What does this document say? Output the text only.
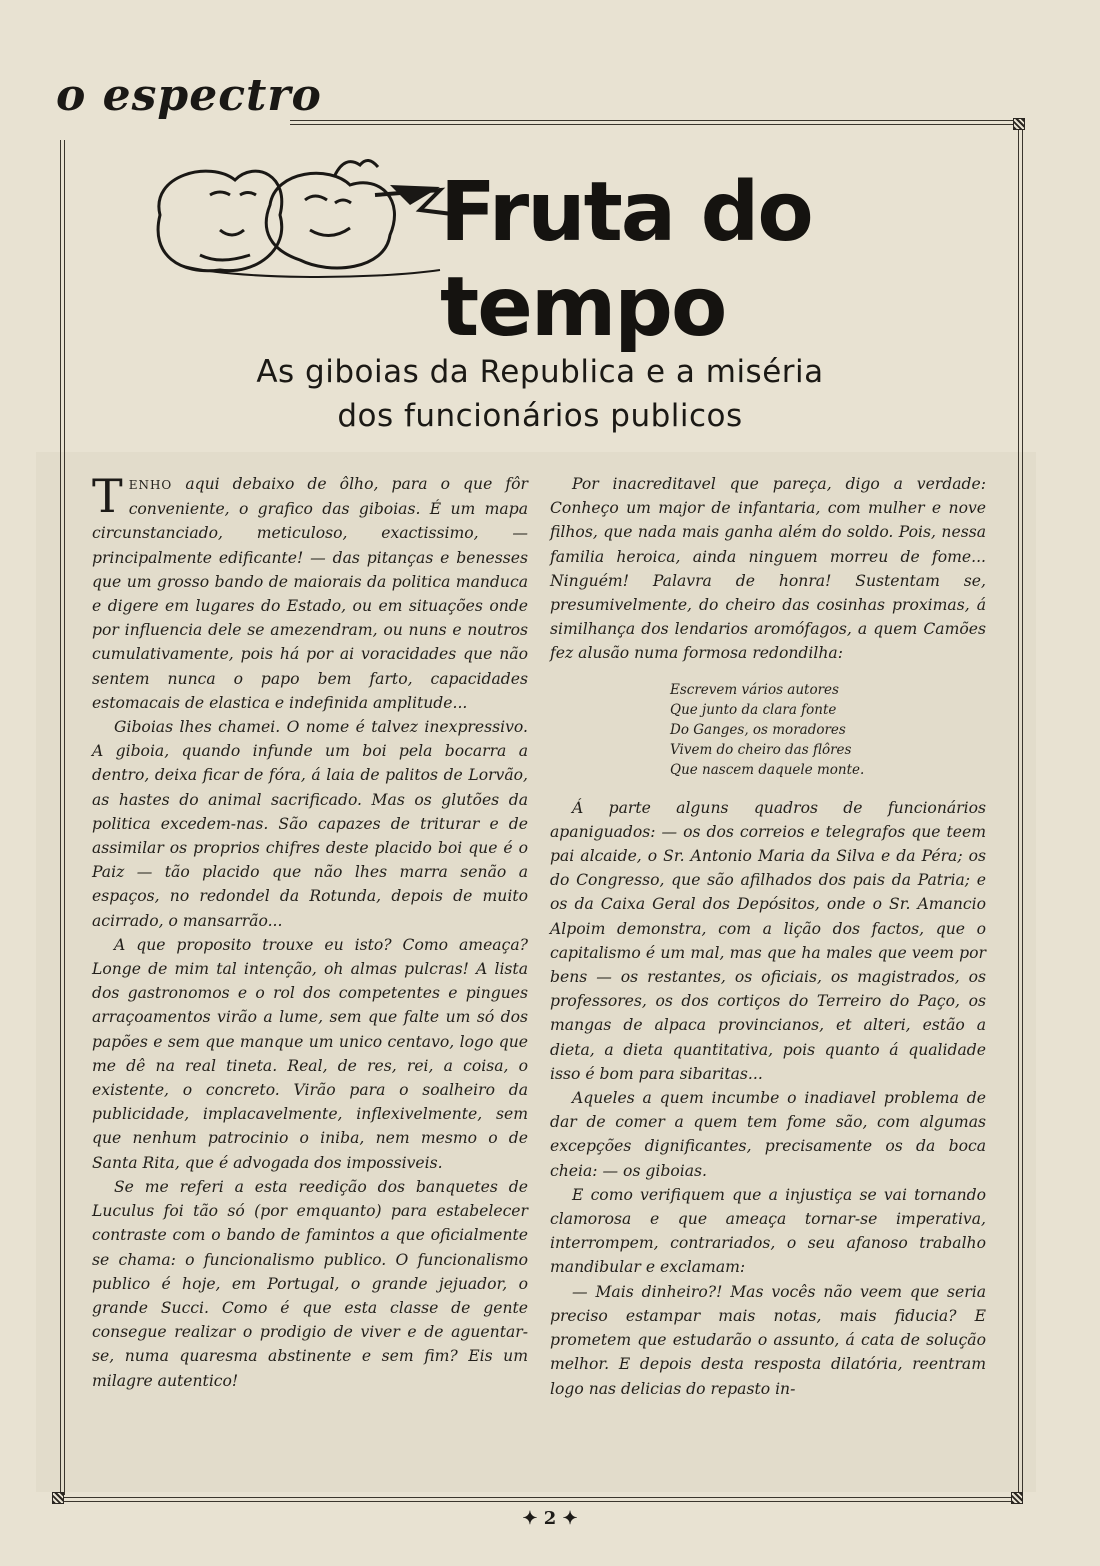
o espectro
Fruta do tempo
As giboias da Republica e a miséria
dos funcionários publicos

TENHO aqui debaixo de ôlho, para o que fôr conveniente, o grafico das giboias. É um mapa circunstanciado, meticuloso, exactissimo, — principalmente edificante! — das pitanças e benesses que um grosso bando de maiorais da politica manduca e digere em lugares do Estado, ou em situações onde por influencia dele se amezendram, ou nuns e noutros cumulativamente, pois há por ai voracidades que não sentem nunca o papo bem farto, capacidades estomacais de elastica e indefinida amplitude...

Giboias lhes chamei. O nome é talvez inexpressivo. A giboia, quando infunde um boi pela bocarra a dentro, deixa ficar de fóra, á laia de palitos de Lorvão, as hastes do animal sacrificado. Mas os glutões da politica excedem-nas. São capazes de triturar e de assimilar os proprios chifres deste placido boi que é o Paiz — tão placido que não lhes marra senão a espaços, no redondel da Rotunda, depois de muito acirrado, o mansarrão...

A que proposito trouxe eu isto? Como ameaça? Longe de mim tal intenção, oh almas pulcras! A lista dos gastronomos e o rol dos competentes e pingues arraçoamentos virão a lume, sem que falte um só dos papões e sem que manque um unico centavo, logo que me dê na real tineta. Real, de res, rei, a coisa, o existente, o concreto. Virão para o soalheiro da publicidade, implacavelmente, inflexivelmente, sem que nenhum patrocinio o iniba, nem mesmo o de Santa Rita, que é advogada dos impossiveis.

Se me referi a esta reedição dos banquetes de Luculus foi tão só (por emquanto) para estabelecer contraste com o bando de famintos a que oficialmente se chama: o funcionalismo publico. O funcionalismo publico é hoje, em Portugal, o grande jejuador, o grande Succi. Como é que esta classe de gente consegue realizar o prodigio de viver e de aguentar-se, numa quaresma abstinente e sem fim? Eis um milagre autentico!

Por inacreditavel que pareça, digo a verdade: Conheço um major de infantaria, com mulher e nove filhos, que nada mais ganha além do soldo. Pois, nessa familia heroica, ainda ninguem morreu de fome... Ninguém! Palavra de honra! Sustentam se, presumivelmente, do cheiro das cosinhas proximas, á similhança dos lendarios aromófagos, a quem Camões fez alusão numa formosa redondilha:

Escrevem vários autores
Que junto da clara fonte
Do Ganges, os moradores
Vivem do cheiro das flôres
Que nascem daquele monte.

Á parte alguns quadros de funcionários apaniguados: — os dos correios e telegrafos que teem pai alcaide, o Sr. Antonio Maria da Silva e da Péra; os do Congresso, que são afilhados dos pais da Patria; e os da Caixa Geral dos Depósitos, onde o Sr. Amancio Alpoim demonstra, com a lição dos factos, que o capitalismo é um mal, mas que ha males que veem por bens — os restantes, os oficiais, os magistrados, os professores, os dos cortiços do Terreiro do Paço, os mangas de alpaca provincianos, et alteri, estão a dieta, a dieta quantitativa, pois quanto á qualidade isso é bom para sibaritas...

Aqueles a quem incumbe o inadiavel problema de dar de comer a quem tem fome são, com algumas excepções dignificantes, precisamente os da boca cheia: — os giboias.

E como verifiquem que a injustiça se vai tornando clamorosa e que ameaça tornar-se imperativa, interrompem, contrariados, o seu afanoso trabalho mandibular e exclamam:

— Mais dinheiro?! Mas vocês não veem que seria preciso estampar mais notas, mais fiducia? E prometem que estudarão o assunto, á cata de solução melhor. E depois desta resposta dilatória, reentram logo nas delicias do repasto in-

✦ 2 ✦
